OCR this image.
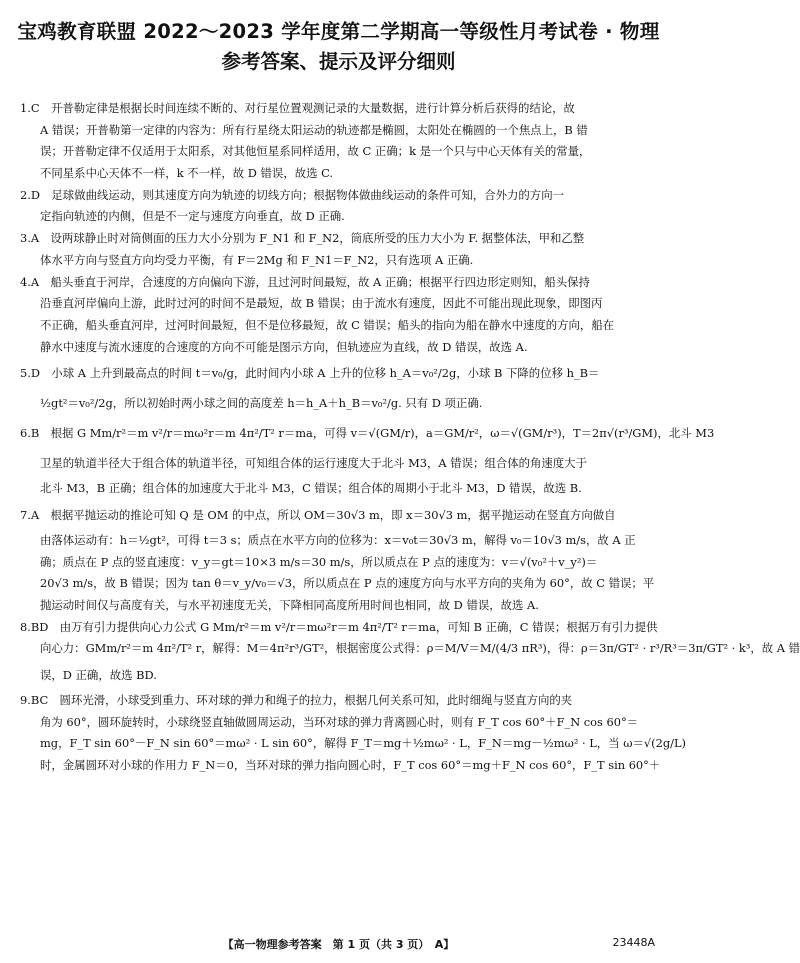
宝鸡教育联盟 2022～2023 学年度第二学期高一等级性月考试卷 · 物理
参考答案、提示及评分细则
1.C　开普勒定律是根据长时间连续不断的、对行星位置观测记录的大量数据，进行计算分析后获得的结论，故
A 错误；开普勒第一定律的内容为：所有行星绕太阳运动的轨迹都是椭圆，太阳处在椭圆的一个焦点上，B 错
误；开普勒定律不仅适用于太阳系，对其他恒星系同样适用，故 C 正确；k 是一个只与中心天体有关的常量，
不同星系中心天体不一样，k 不一样，故 D 错误，故选 C.
2.D　足球做曲线运动，则其速度方向为轨迹的切线方向；根据物体做曲线运动的条件可知，合外力的方向一
定指向轨迹的内侧，但是不一定与速度方向垂直，故 D 正确.
3.A　设两球静止时对筒侧面的压力大小分别为 F_N1 和 F_N2，筒底所受的压力大小为 F. 据整体法，甲和乙整
体水平方向与竖直方向均受力平衡，有 F＝2Mg 和 F_N1＝F_N2，只有选项 A 正确.
4.A　船头垂直于河岸，合速度的方向偏向下游，且过河时间最短，故 A 正确；根据平行四边形定则知，船头保持
沿垂直河岸偏向上游，此时过河的时间不是最短，故 B 错误；由于流水有速度，因此不可能出现此现象，即图丙
不正确，船头垂直河岸，过河时间最短，但不是位移最短，故 C 错误；船头的指向为船在静水中速度的方向，船在
静水中速度与流水速度的合速度的方向不可能是图示方向，但轨迹应为直线，故 D 错误，故选 A.
5.D　小球 A 上升到最高点的时间 t＝v₀/g，此时间内小球 A 上升的位移 h_A＝v₀²/2g，小球 B 下降的位移 h_B＝
½gt²＝v₀²/2g，所以初始时两小球之间的高度差 h＝h_A＋h_B＝v₀²/g. 只有 D 项正确.
6.B　根据 G Mm/r²＝m v²/r＝mω²r＝m 4π²/T² r＝ma，可得 v＝√(GM/r)，a＝GM/r²，ω＝√(GM/r³)，T＝2π√(r³/GM)，北斗 M3
卫星的轨道半径大于组合体的轨道半径，可知组合体的运行速度大于北斗 M3，A 错误；组合体的角速度大于
北斗 M3，B 正确；组合体的加速度大于北斗 M3，C 错误；组合体的周期小于北斗 M3，D 错误，故选 B.
7.A　根据平抛运动的推论可知 Q 是 OM 的中点，所以 OM＝30√3 m，即 x＝30√3 m，据平抛运动在竖直方向做自
由落体运动有：h＝½gt²，可得 t＝3 s；质点在水平方向的位移为：x＝v₀t＝30√3 m，解得 v₀＝10√3 m/s，故 A 正
确；质点在 P 点的竖直速度：v_y＝gt＝10×3 m/s＝30 m/s，所以质点在 P 点的速度为：v＝√(v₀²＋v_y²)＝
20√3 m/s，故 B 错误；因为 tan θ＝v_y/v₀＝√3，所以质点在 P 点的速度方向与水平方向的夹角为 60°，故 C 错误；平
抛运动时间仅与高度有关，与水平初速度无关，下降相同高度所用时间也相同，故 D 错误，故选 A.
8.BD　由万有引力提供向心力公式 G Mm/r²＝m v²/r＝mω²r＝m 4π²/T² r＝ma，可知 B 正确，C 错误；根据万有引力提供
向心力：GMm/r²＝m 4π²/T² r，解得：M＝4π²r³/GT²，根据密度公式得：ρ＝M/V＝M/(4/3 πR³)，得：ρ＝3π/GT² · r³/R³＝3π/GT² · k³，故 A 错
误，D 正确，故选 BD.
9.BC　圆环光滑，小球受到重力、环对球的弹力和绳子的拉力，根据几何关系可知，此时细绳与竖直方向的夹
角为 60°，圆环旋转时，小球绕竖直轴做圆周运动，当环对球的弹力背离圆心时，则有 F_T cos 60°＋F_N cos 60°＝
mg，F_T sin 60°－F_N sin 60°＝mω² · L sin 60°，解得 F_T＝mg＋½mω² · L，F_N＝mg－½mω² · L，当 ω＝√(2g/L)
时，金属圆环对小球的作用力 F_N＝0，当环对球的弹力指向圆心时，F_T cos 60°＝mg＋F_N cos 60°，F_T sin 60°＋
【高一物理参考答案　第 1 页（共 3 页）　A】	23448A
